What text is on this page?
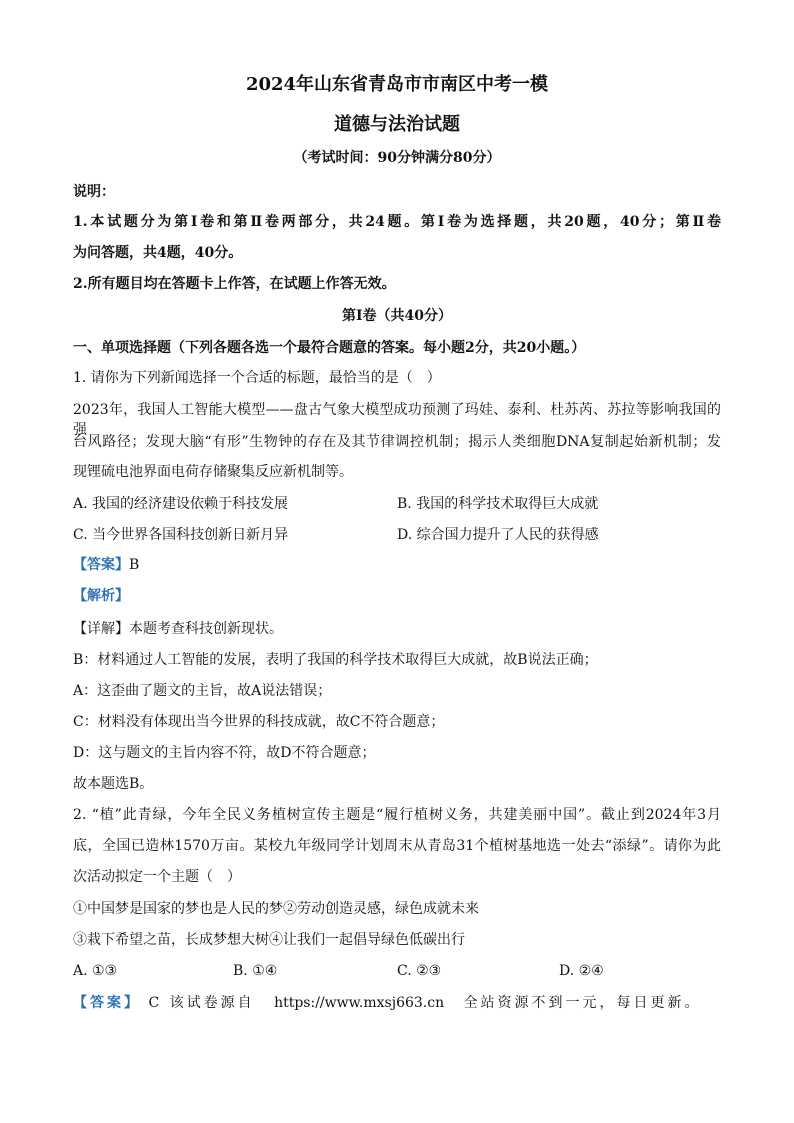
2024年山东省青岛市市南区中考一模
道德与法治试题
（考试时间：90分钟满分80分）
说明：
1.本试题分为第Ⅰ卷和第Ⅱ卷两部分，共24题。第Ⅰ卷为选择题，共20题，40分；第Ⅱ卷
为问答题，共4题，40分。
2.所有题目均在答题卡上作答，在试题上作答无效。
第Ⅰ卷（共40分）
一、单项选择题（下列各题各选一个最符合题意的答案。每小题2分，共20小题。）
1. 请你为下列新闻选择一个合适的标题，最恰当的是（　）
2023年，我国人工智能大模型——盘古气象大模型成功预测了玛娃、泰利、杜苏芮、苏拉等影响我国的强
台风路径；发现大脑“有形”生物钟的存在及其节律调控机制；揭示人类细胞DNA复制起始新机制；发
现锂硫电池界面电荷存储聚集反应新机制等。
A. 我国的经济建设依赖于科技发展	B. 我国的科学技术取得巨大成就
C. 当今世界各国科技创新日新月异	D. 综合国力提升了人民的获得感
【答案】B
【解析】
【详解】本题考查科技创新现状。
B：材料通过人工智能的发展，表明了我国的科学技术取得巨大成就，故B说法正确；
A：这歪曲了题文的主旨，故A说法错误；
C：材料没有体现出当今世界的科技成就，故C不符合题意；
D：这与题文的主旨内容不符，故D不符合题意；
故本题选B。
2. “植”此青绿，今年全民义务植树宣传主题是“履行植树义务，共建美丽中国”。截止到2024年3月
底，全国已造林1570万亩。某校九年级同学计划周末从青岛31个植树基地选一处去“添绿”。请你为此
次活动拟定一个主题（　）
①中国梦是国家的梦也是人民的梦②劳动创造灵感，绿色成就未来
③栽下希望之苗，长成梦想大树④让我们一起倡导绿色低碳出行
A. ①③	B. ①④	C. ②③	D. ②④
【答案】 C 该试卷源自 https://www.mxsj663.cn 全站资源不到一元，每日更新。
